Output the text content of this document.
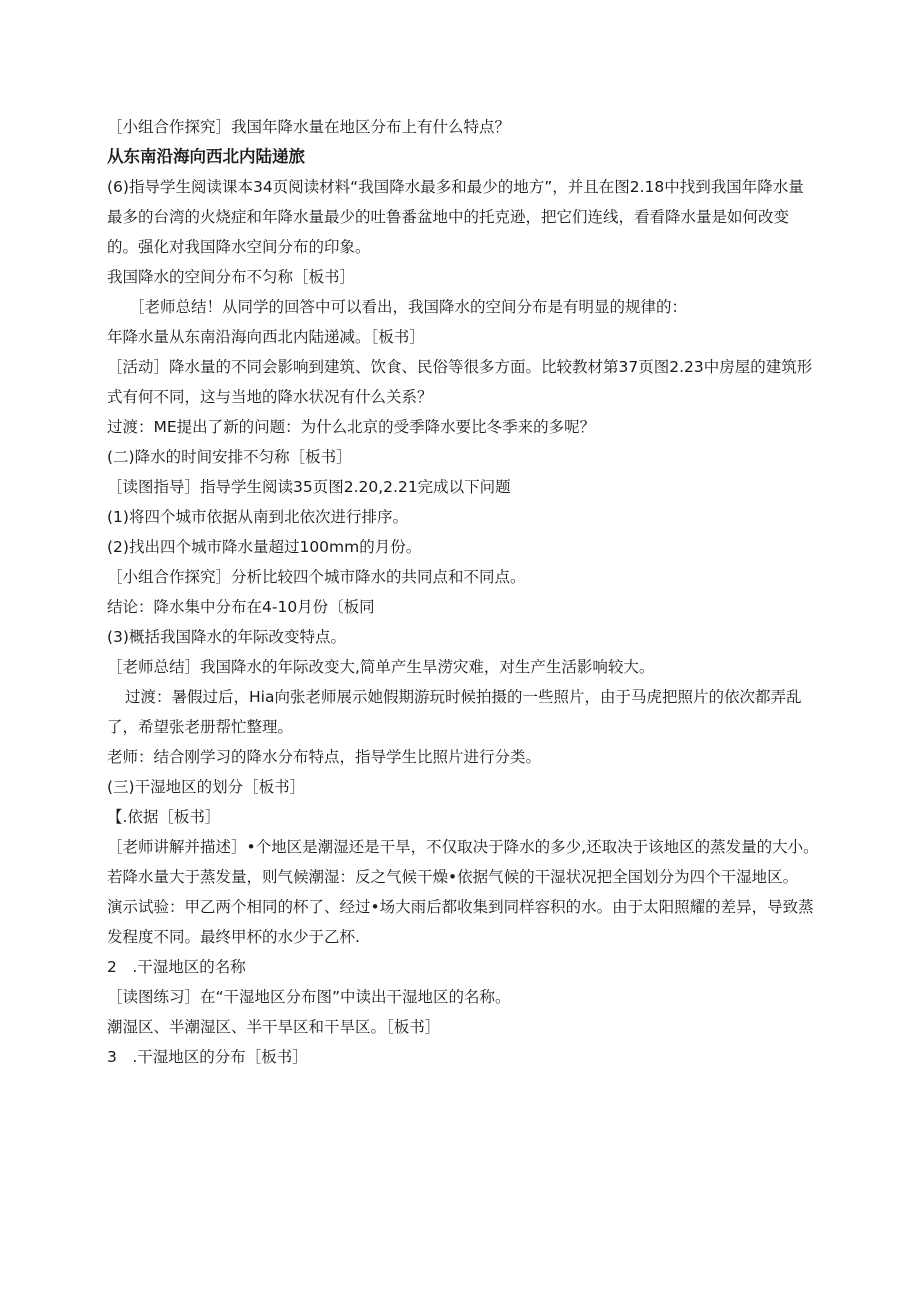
［小组合作探究］我国年降水量在地区分布上有什么特点？

从东南沿海向西北内陆递旅

(6)指导学生阅读课本34页阅读材料“我国降水最多和最少的地方”，并且在图2.18中找到我国年降水量最多的台湾的火烧症和年降水量最少的吐鲁番盆地中的托克逊，把它们连线，看看降水量是如何改变的。强化对我国降水空间分布的印象。

我国降水的空间分布不匀称［板书］

［老师总结！从同学的回答中可以看出，我国降水的空间分布是有明显的规律的：

年降水量从东南沿海向西北内陆递减。［板书］

［活动］降水量的不同会影响到建筑、饮食、民俗等很多方面。比较教材第37页图2.23中房屋的建筑形式有何不同，这与当地的降水状况有什么关系？

过渡：ME提出了新的问题：为什么北京的受季降水要比冬季来的多呢？

(二)降水的时间安排不匀称［板书］

［读图指导］指导学生阅读35页图2.20,2.21完成以下问题

(1)将四个城市依据从南到北依次进行排序。

(2)找出四个城市降水量超过100mm的月份。

［小组合作探究］分析比较四个城市降水的共同点和不同点。

结论：降水集中分布在4-10月份〔板同

(3)概括我国降水的年际改变特点。

［老师总结］我国降水的年际改变大,简单产生旱涝灾难，对生产生活影响较大。

过渡：暑假过后，Hia向张老师展示她假期游玩时候拍摄的一些照片，由于马虎把照片的依次都弄乱了，希望张老册帮忙整理。

老师：结合刚学习的降水分布特点，指导学生比照片进行分类。

(三)干湿地区的划分［板书］

【.依据［板书］

［老师讲解并描述］•个地区是潮湿还是干旱，不仅取决于降水的多少,还取决于该地区的蒸发量的大小。若降水量大于蒸发量，则气候潮湿：反之气候干燥•依据气候的干湿状况把全国划分为四个干湿地区。

演示试验：甲乙两个相同的杯了、经过•场大雨后都收集到同样容积的水。由于太阳照耀的差异，导致蒸发程度不同。最终甲杯的水少于乙杯.

2　.干湿地区的名称

［读图练习］在“干湿地区分布图”中读出干湿地区的名称。

潮湿区、半潮湿区、半干旱区和干旱区。［板书］

3　.干湿地区的分布［板书］
